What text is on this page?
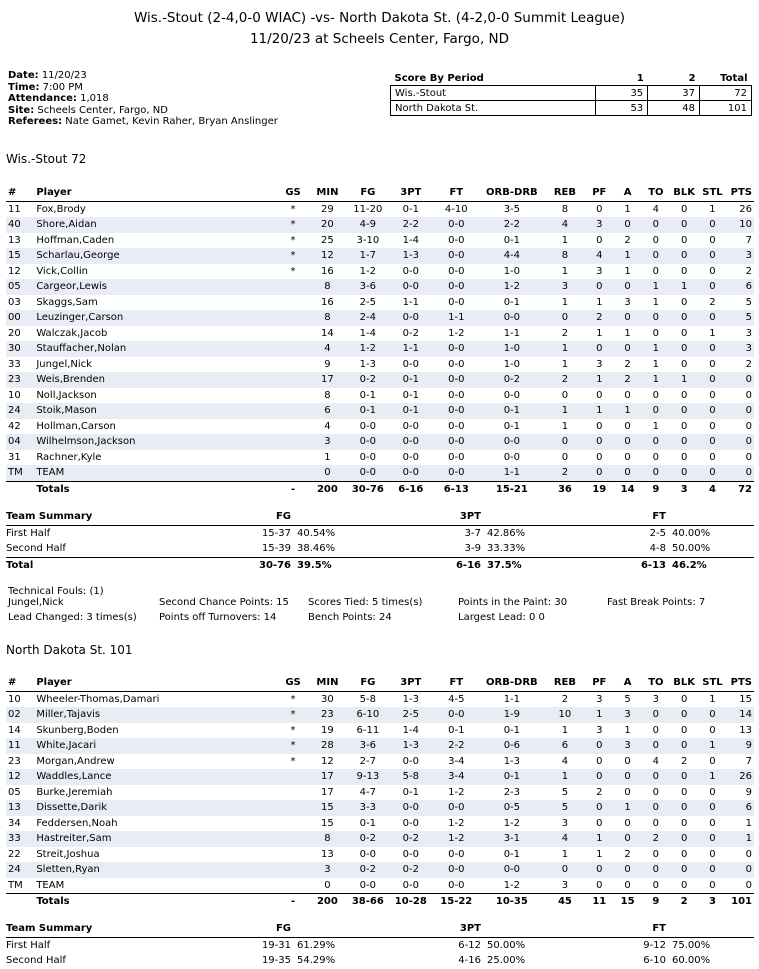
Wis.-Stout (2-4,0-0 WIAC) -vs- North Dakota St. (4-2,0-0 Summit League)
11/20/23 at Scheels Center, Fargo, ND
Date: 11/20/23
Time: 7:00 PM
Attendance: 1,018
Site: Scheels Center, Fargo, ND
Referees: Nate Gamet, Kevin Raher, Bryan Anslinger
Score By Period	1	2	Total
Wis.-Stout	35	37	72
North Dakota St.	53	48	101
Wis.-Stout 72
#	Player	GS	MIN	FG	3PT	FT	ORB-DRB	REB	PF	A	TO	BLK	STL	PTS
11	Fox,Brody	*	29	11-20	0-1	4-10	3-5	8	0	1	4	0	1	26
40	Shore,Aidan	*	20	4-9	2-2	0-0	2-2	4	3	0	0	0	0	10
13	Hoffman,Caden	*	25	3-10	1-4	0-0	0-1	1	0	2	0	0	0	7
15	Scharlau,George	*	12	1-7	1-3	0-0	4-4	8	4	1	0	0	0	3
12	Vick,Collin	*	16	1-2	0-0	0-0	1-0	1	3	1	0	0	0	2
05	Cargeor,Lewis		8	3-6	0-0	0-0	1-2	3	0	0	1	1	0	6
03	Skaggs,Sam		16	2-5	1-1	0-0	0-1	1	1	3	1	0	2	5
00	Leuzinger,Carson		8	2-4	0-0	1-1	0-0	0	2	0	0	0	0	5
20	Walczak,Jacob		14	1-4	0-2	1-2	1-1	2	1	1	0	0	1	3
30	Stauffacher,Nolan		4	1-2	1-1	0-0	1-0	1	0	0	1	0	0	3
33	Jungel,Nick		9	1-3	0-0	0-0	1-0	1	3	2	1	0	0	2
23	Weis,Brenden		17	0-2	0-1	0-0	0-2	2	1	2	1	1	0	0
10	Noll,Jackson		8	0-1	0-1	0-0	0-0	0	0	0	0	0	0	0
24	Stoik,Mason		6	0-1	0-1	0-0	0-1	1	1	1	0	0	0	0
42	Hollman,Carson		4	0-0	0-0	0-0	0-1	1	0	0	1	0	0	0
04	Wilhelmson,Jackson		3	0-0	0-0	0-0	0-0	0	0	0	0	0	0	0
31	Rachner,Kyle		1	0-0	0-0	0-0	0-0	0	0	0	0	0	0	0
TM	TEAM		0	0-0	0-0	0-0	1-1	2	0	0	0	0	0	0
	Totals	-	200	30-76	6-16	6-13	15-21	36	19	14	9	3	4	72
Team Summary	FG		3PT		FT	
First Half	15-37	40.54%	3-7	42.86%	2-5	40.00%
Second Half	15-39	38.46%	3-9	33.33%	4-8	50.00%
Total	30-76	39.5%	6-16	37.5%	6-13	46.2%
Technical Fouls: (1)
Jungel,Nick	Second Chance Points: 15 Scores Tied: 5 times(s)	Points in the Paint: 30	Fast Break Points: 7
Lead Changed: 3 times(s) Points off Turnovers: 14	Bench Points: 24	Largest Lead: 0 0
North Dakota St. 101
#	Player	GS	MIN	FG	3PT	FT	ORB-DRB	REB	PF	A	TO	BLK	STL	PTS
10	Wheeler-Thomas,Damari	*	30	5-8	1-3	4-5	1-1	2	3	5	3	0	1	15
02	Miller,Tajavis	*	23	6-10	2-5	0-0	1-9	10	1	3	0	0	0	14
14	Skunberg,Boden	*	19	6-11	1-4	0-1	0-1	1	3	1	0	0	0	13
11	White,Jacari	*	28	3-6	1-3	2-2	0-6	6	0	3	0	0	1	9
23	Morgan,Andrew	*	12	2-7	0-0	3-4	1-3	4	0	0	4	2	0	7
12	Waddles,Lance		17	9-13	5-8	3-4	0-1	1	0	0	0	0	1	26
05	Burke,Jeremiah		17	4-7	0-1	1-2	2-3	5	2	0	0	0	0	9
13	Dissette,Darik		15	3-3	0-0	0-0	0-5	5	0	1	0	0	0	6
34	Feddersen,Noah		15	0-1	0-0	1-2	1-2	3	0	0	0	0	0	1
33	Hastreiter,Sam		8	0-2	0-2	1-2	3-1	4	1	0	2	0	0	1
22	Streit,Joshua		13	0-0	0-0	0-0	0-1	1	1	2	0	0	0	0
24	Sletten,Ryan		3	0-2	0-2	0-0	0-0	0	0	0	0	0	0	0
TM	TEAM		0	0-0	0-0	0-0	1-2	3	0	0	0	0	0	0
	Totals	-	200	38-66	10-28	15-22	10-35	45	11	15	9	2	3	101
Team Summary	FG		3PT		FT	
First Half	19-31	61.29%	6-12	50.00%	9-12	75.00%
Second Half	19-35	54.29%	4-16	25.00%	6-10	60.00%
